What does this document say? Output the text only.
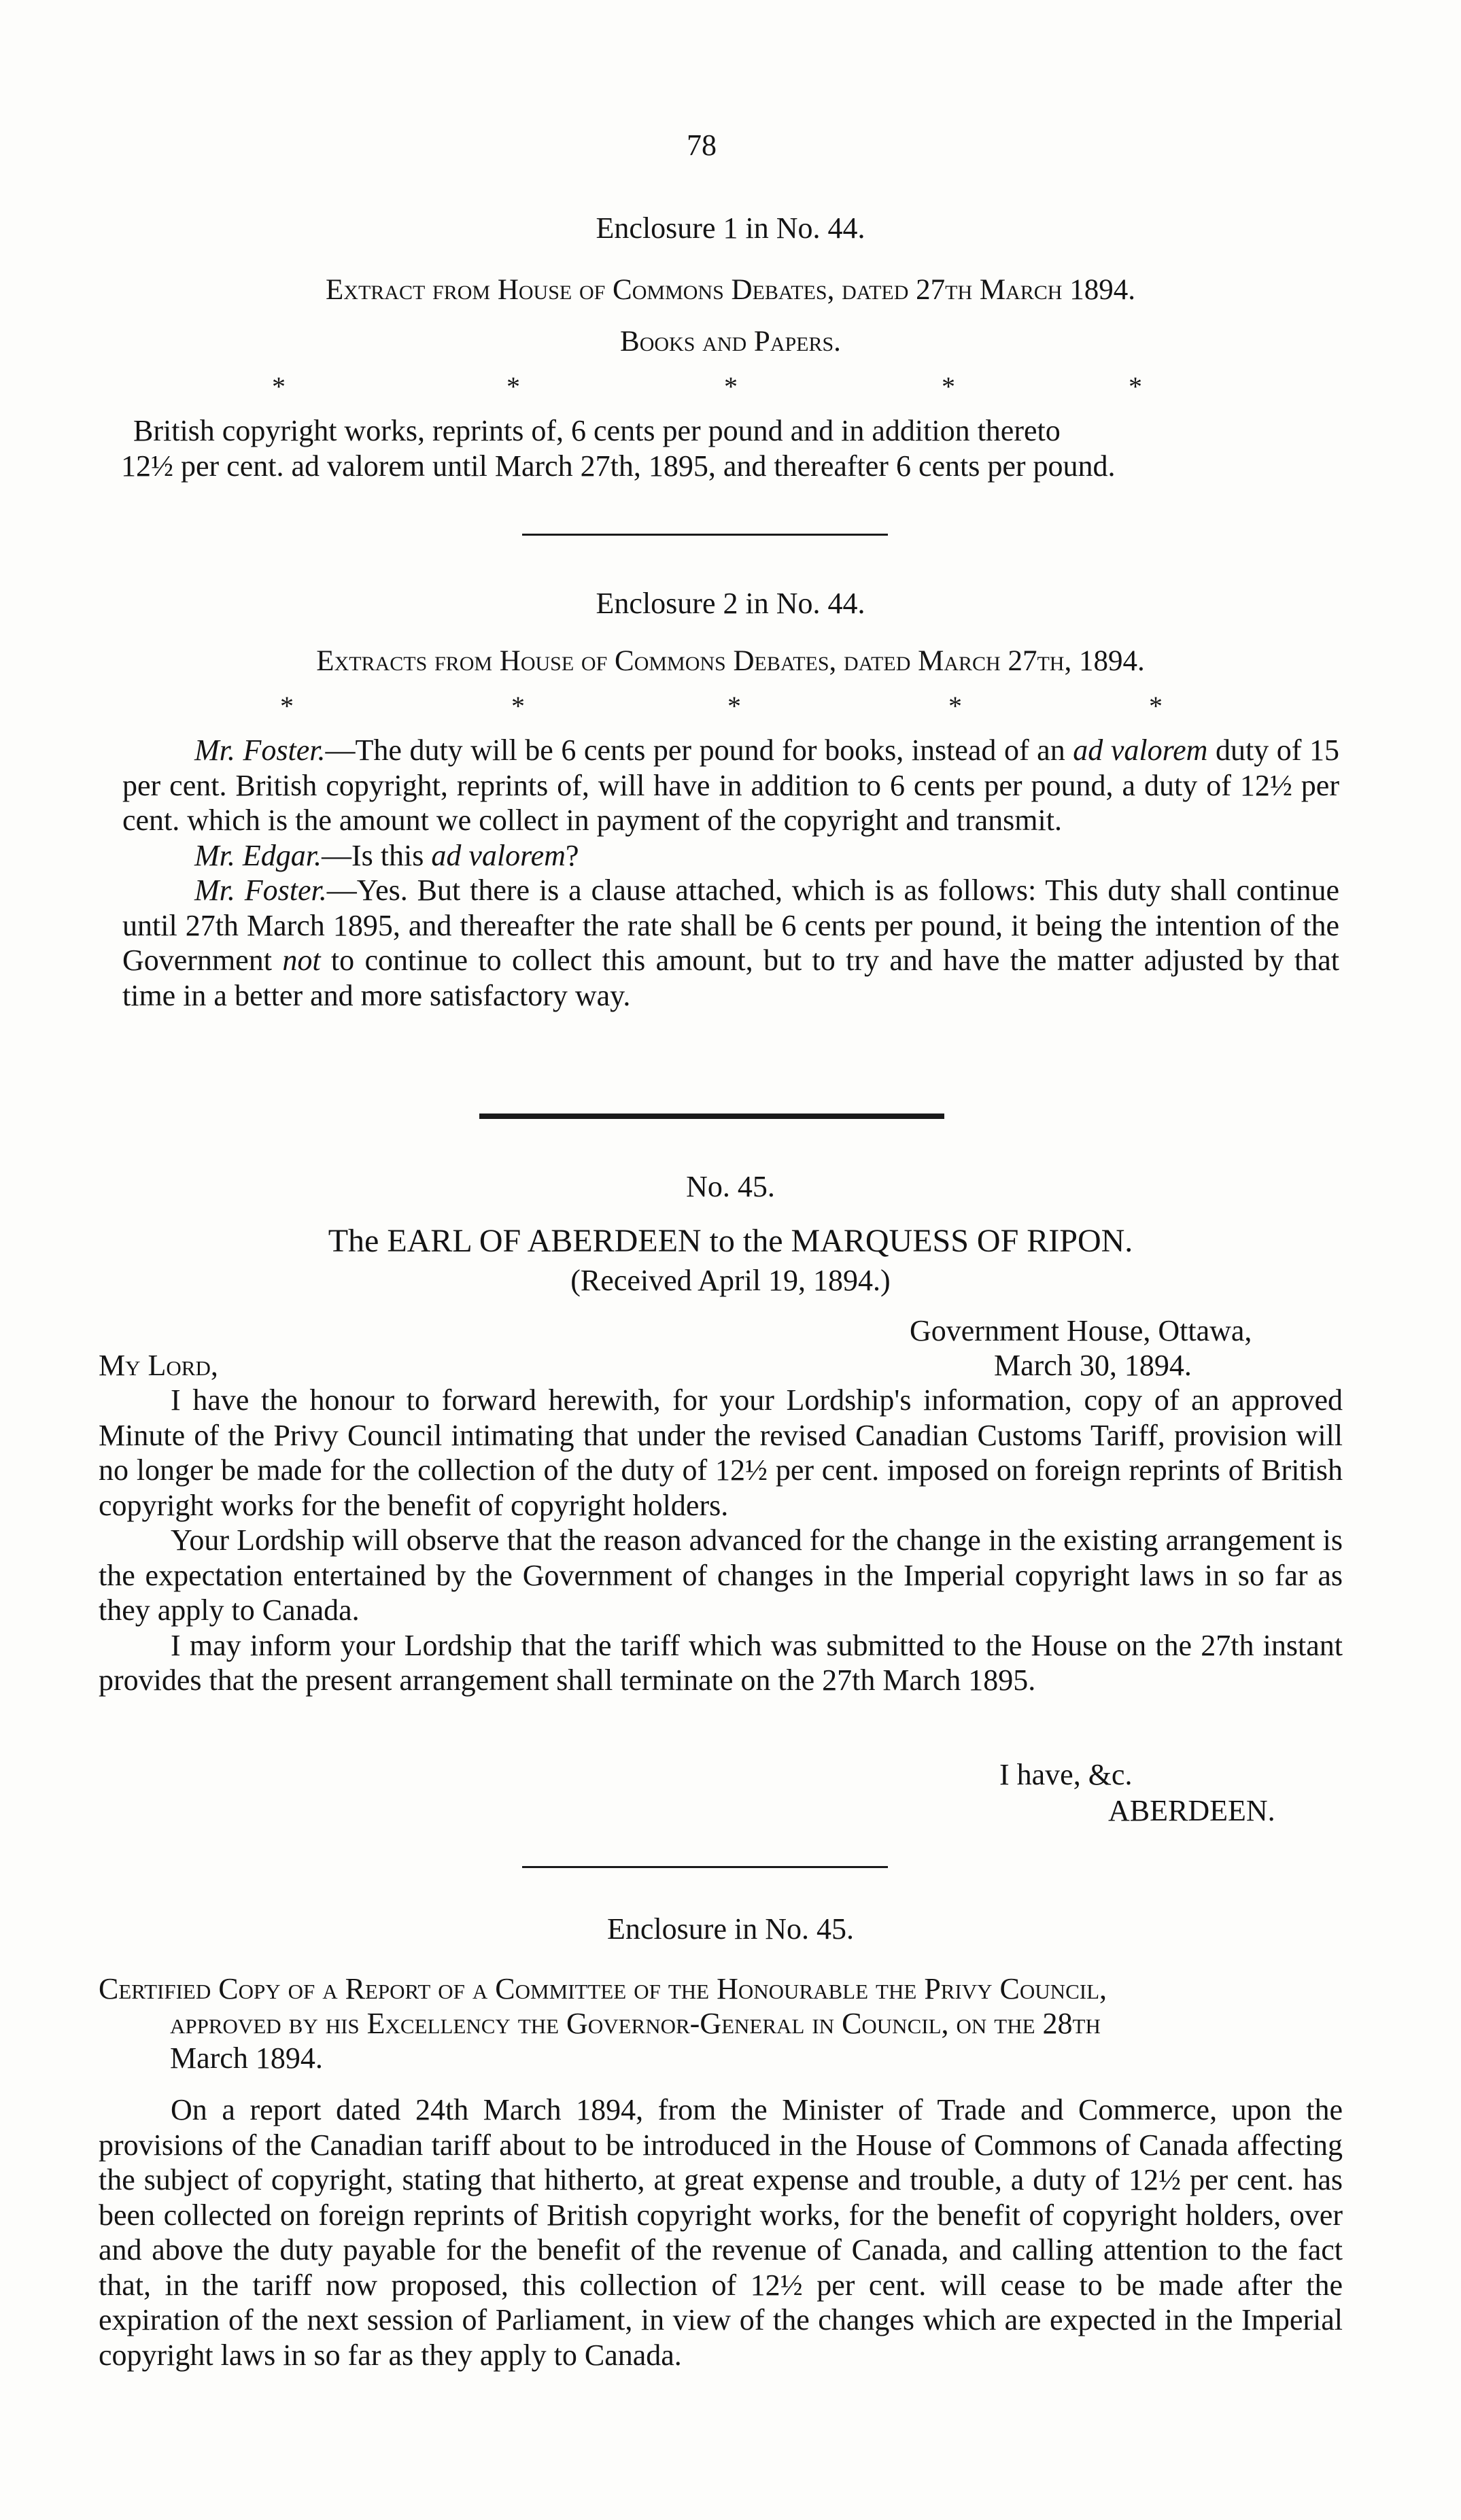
78
Enclosure 1 in No. 44.
Extract from House of Commons Debates, dated 27th March 1894.
Books and Papers.
*	*	*	*	*
British copyright works, reprints of, 6 cents per pound and in addition thereto
12½ per cent. ad valorem until March 27th, 1895, and thereafter 6 cents per pound.
Enclosure 2 in No. 44.
Extracts from House of Commons Debates, dated March 27th, 1894.
*	*	*	*	*

Mr. Foster.—The duty will be 6 cents per pound for books, instead of an ad valorem duty of 15 per cent. British copyright, reprints of, will have in addition to 6 cents per pound, a duty of 12½ per cent. which is the amount we collect in payment of the copyright and transmit.

Mr. Edgar.—Is this ad valorem?

Mr. Foster.—Yes. But there is a clause attached, which is as follows: This duty shall continue until 27th March 1895, and thereafter the rate shall be 6 cents per pound, it being the intention of the Government not to continue to collect this amount, but to try and have the matter adjusted by that time in a better and more satisfactory way.

No. 45.
The EARL OF ABERDEEN to the MARQUESS OF RIPON.
(Received April 19, 1894.)
Government House, Ottawa,
My Lord,	March 30, 1894.

I have the honour to forward herewith, for your Lordship's information, copy of an approved Minute of the Privy Council intimating that under the revised Canadian Customs Tariff, provision will no longer be made for the collection of the duty of 12½ per cent. imposed on foreign reprints of British copyright works for the benefit of copyright holders.

Your Lordship will observe that the reason advanced for the change in the existing arrangement is the expectation entertained by the Government of changes in the Imperial copyright laws in so far as they apply to Canada.

I may inform your Lordship that the tariff which was submitted to the House on the 27th instant provides that the present arrangement shall terminate on the 27th March 1895.

I have, &c.
ABERDEEN.
Enclosure in No. 45.
Certified Copy of a Report of a Committee of the Honourable the Privy Council,
approved by his Excellency the Governor-General in Council, on the 28th
March 1894.

On a report dated 24th March 1894, from the Minister of Trade and Commerce, upon the provisions of the Canadian tariff about to be introduced in the House of Commons of Canada affecting the subject of copyright, stating that hitherto, at great expense and trouble, a duty of 12½ per cent. has been collected on foreign reprints of British copyright works, for the benefit of copyright holders, over and above the duty payable for the benefit of the revenue of Canada, and calling attention to the fact that, in the tariff now proposed, this collection of 12½ per cent. will cease to be made after the expiration of the next session of Parliament, in view of the changes which are expected in the Imperial copyright laws in so far as they apply to Canada.
